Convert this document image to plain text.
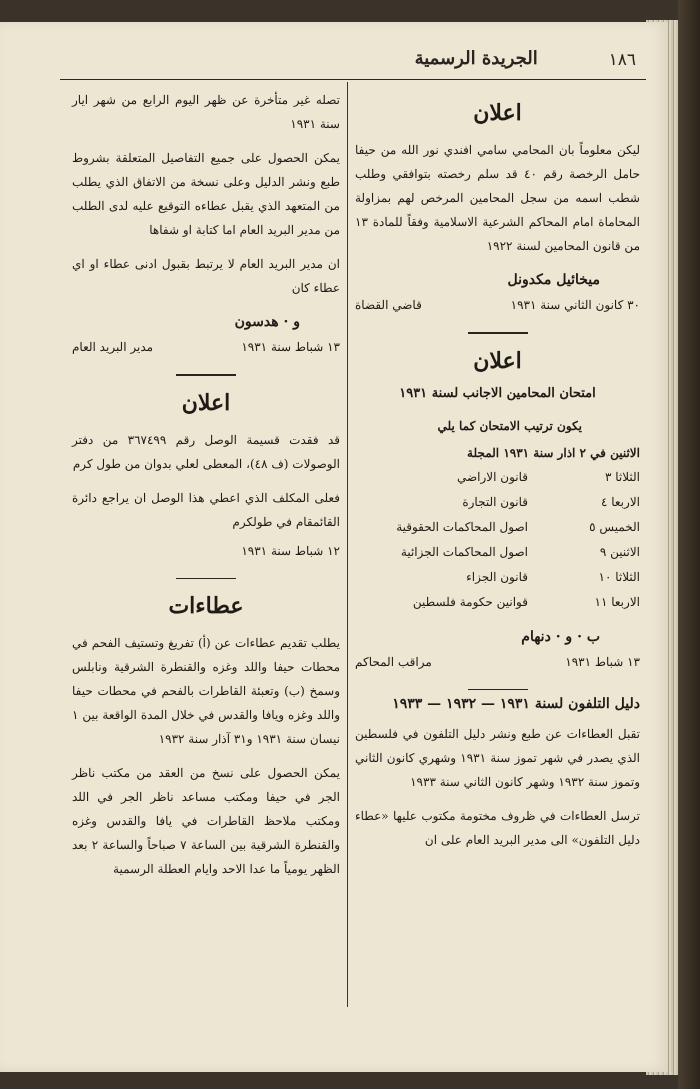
١٨٦
الجريدة الرسمية
اعلان

ليكن معلوماً بان المحامي سامي افندي نور الله من حيفا حامل الرخصة رقم ٤٠ قد سلم رخصته بتوافقي وطلب شطب اسمه من سجل المحامين المرخص لهم بمزاولة المحاماة امام المحاكم الشرعية الاسلامية وفقاً للمادة ١٣ من قانون المحامين لسنة ١٩٢٢

ميخائيل مكدونل
٣٠ كانون الثاني سنة ١٩٣١
قاضي القضاة
اعلان
امتحان المحامين الاجانب لسنة ١٩٣١
يكون ترتيب الامتحان كما يلي
الاثنين في ٢ اذار سنة ١٩٣١ المجلة
الثلاثا ٣
قانون الاراضي
الاربعا ٤
قانون التجارة
الخميس ٥
اصول المحاكمات الحقوقية
الاثنين ٩
اصول المحاكمات الجزائية
الثلاثا ١٠
قانون الجزاء
الاربعا ١١
قوانين حكومة فلسطين
ب · و · دنهام
١٣ شباط ١٩٣١
مراقب المحاكم
دليل التلفون لسنة ١٩٣١ — ١٩٣٢ — ١٩٣٣

تقبل العطاءات عن طبع ونشر دليل التلفون في فلسطين الذي يصدر في شهر تموز سنة ١٩٣١ وشهري كانون الثاني وتموز سنة ١٩٣٢ وشهر كانون الثاني سنة ١٩٣٣

ترسل العطاءات في ظروف مختومة مكتوب عليها «عطاء دليل التلفون» الى مدير البريد العام على ان

تصله غير متأخرة عن ظهر اليوم الرابع من شهر ايار سنة ١٩٣١

يمكن الحصول على جميع التفاصيل المتعلقة بشروط طبع ونشر الدليل وعلى نسخة من الاتفاق الذي يطلب من المتعهد الذي يقبل عطاءه التوقيع عليه لدى الطلب من مدير البريد العام اما كتابة او شفاها

ان مدير البريد العام لا يرتبط بقبول ادنى عطاء او اي عطاء كان

و · هدسون
١٣ شباط سنة ١٩٣١
مدير البريد العام
اعلان

قد فقدت قسيمة الوصل رقم ٣٦٧٤٩٩ من دفتر الوصولات (ف ٤٨)، المعطى لعلي بدوان من طول كرم

فعلى المكلف الذي اعطي هذا الوصل ان يراجع دائرة القائمقام في طولكرم

١٢ شباط سنة ١٩٣١
عطاءات

يطلب تقديم عطاءات عن (أ) تفريغ وتستيف الفحم في محطات حيفا واللد وغزه والقنطرة الشرقية ونابلس وسمخ (ب) وتعبئة القاطرات بالفحم في محطات حيفا واللد وغزه ويافا والقدس في خلال المدة الواقعة بين ١ نيسان سنة ١٩٣١ و٣١ آذار سنة ١٩٣٢

يمكن الحصول على نسخ من العقد من مكتب ناظر الجر في حيفا ومكتب مساعد ناظر الجر في اللد ومكتب ملاحظ القاطرات في يافا والقدس وغزه والقنطرة الشرقية بين الساعة ٧ صباحاً والساعة ٢ بعد الظهر يومياً ما عدا الاحد وايام العطلة الرسمية
